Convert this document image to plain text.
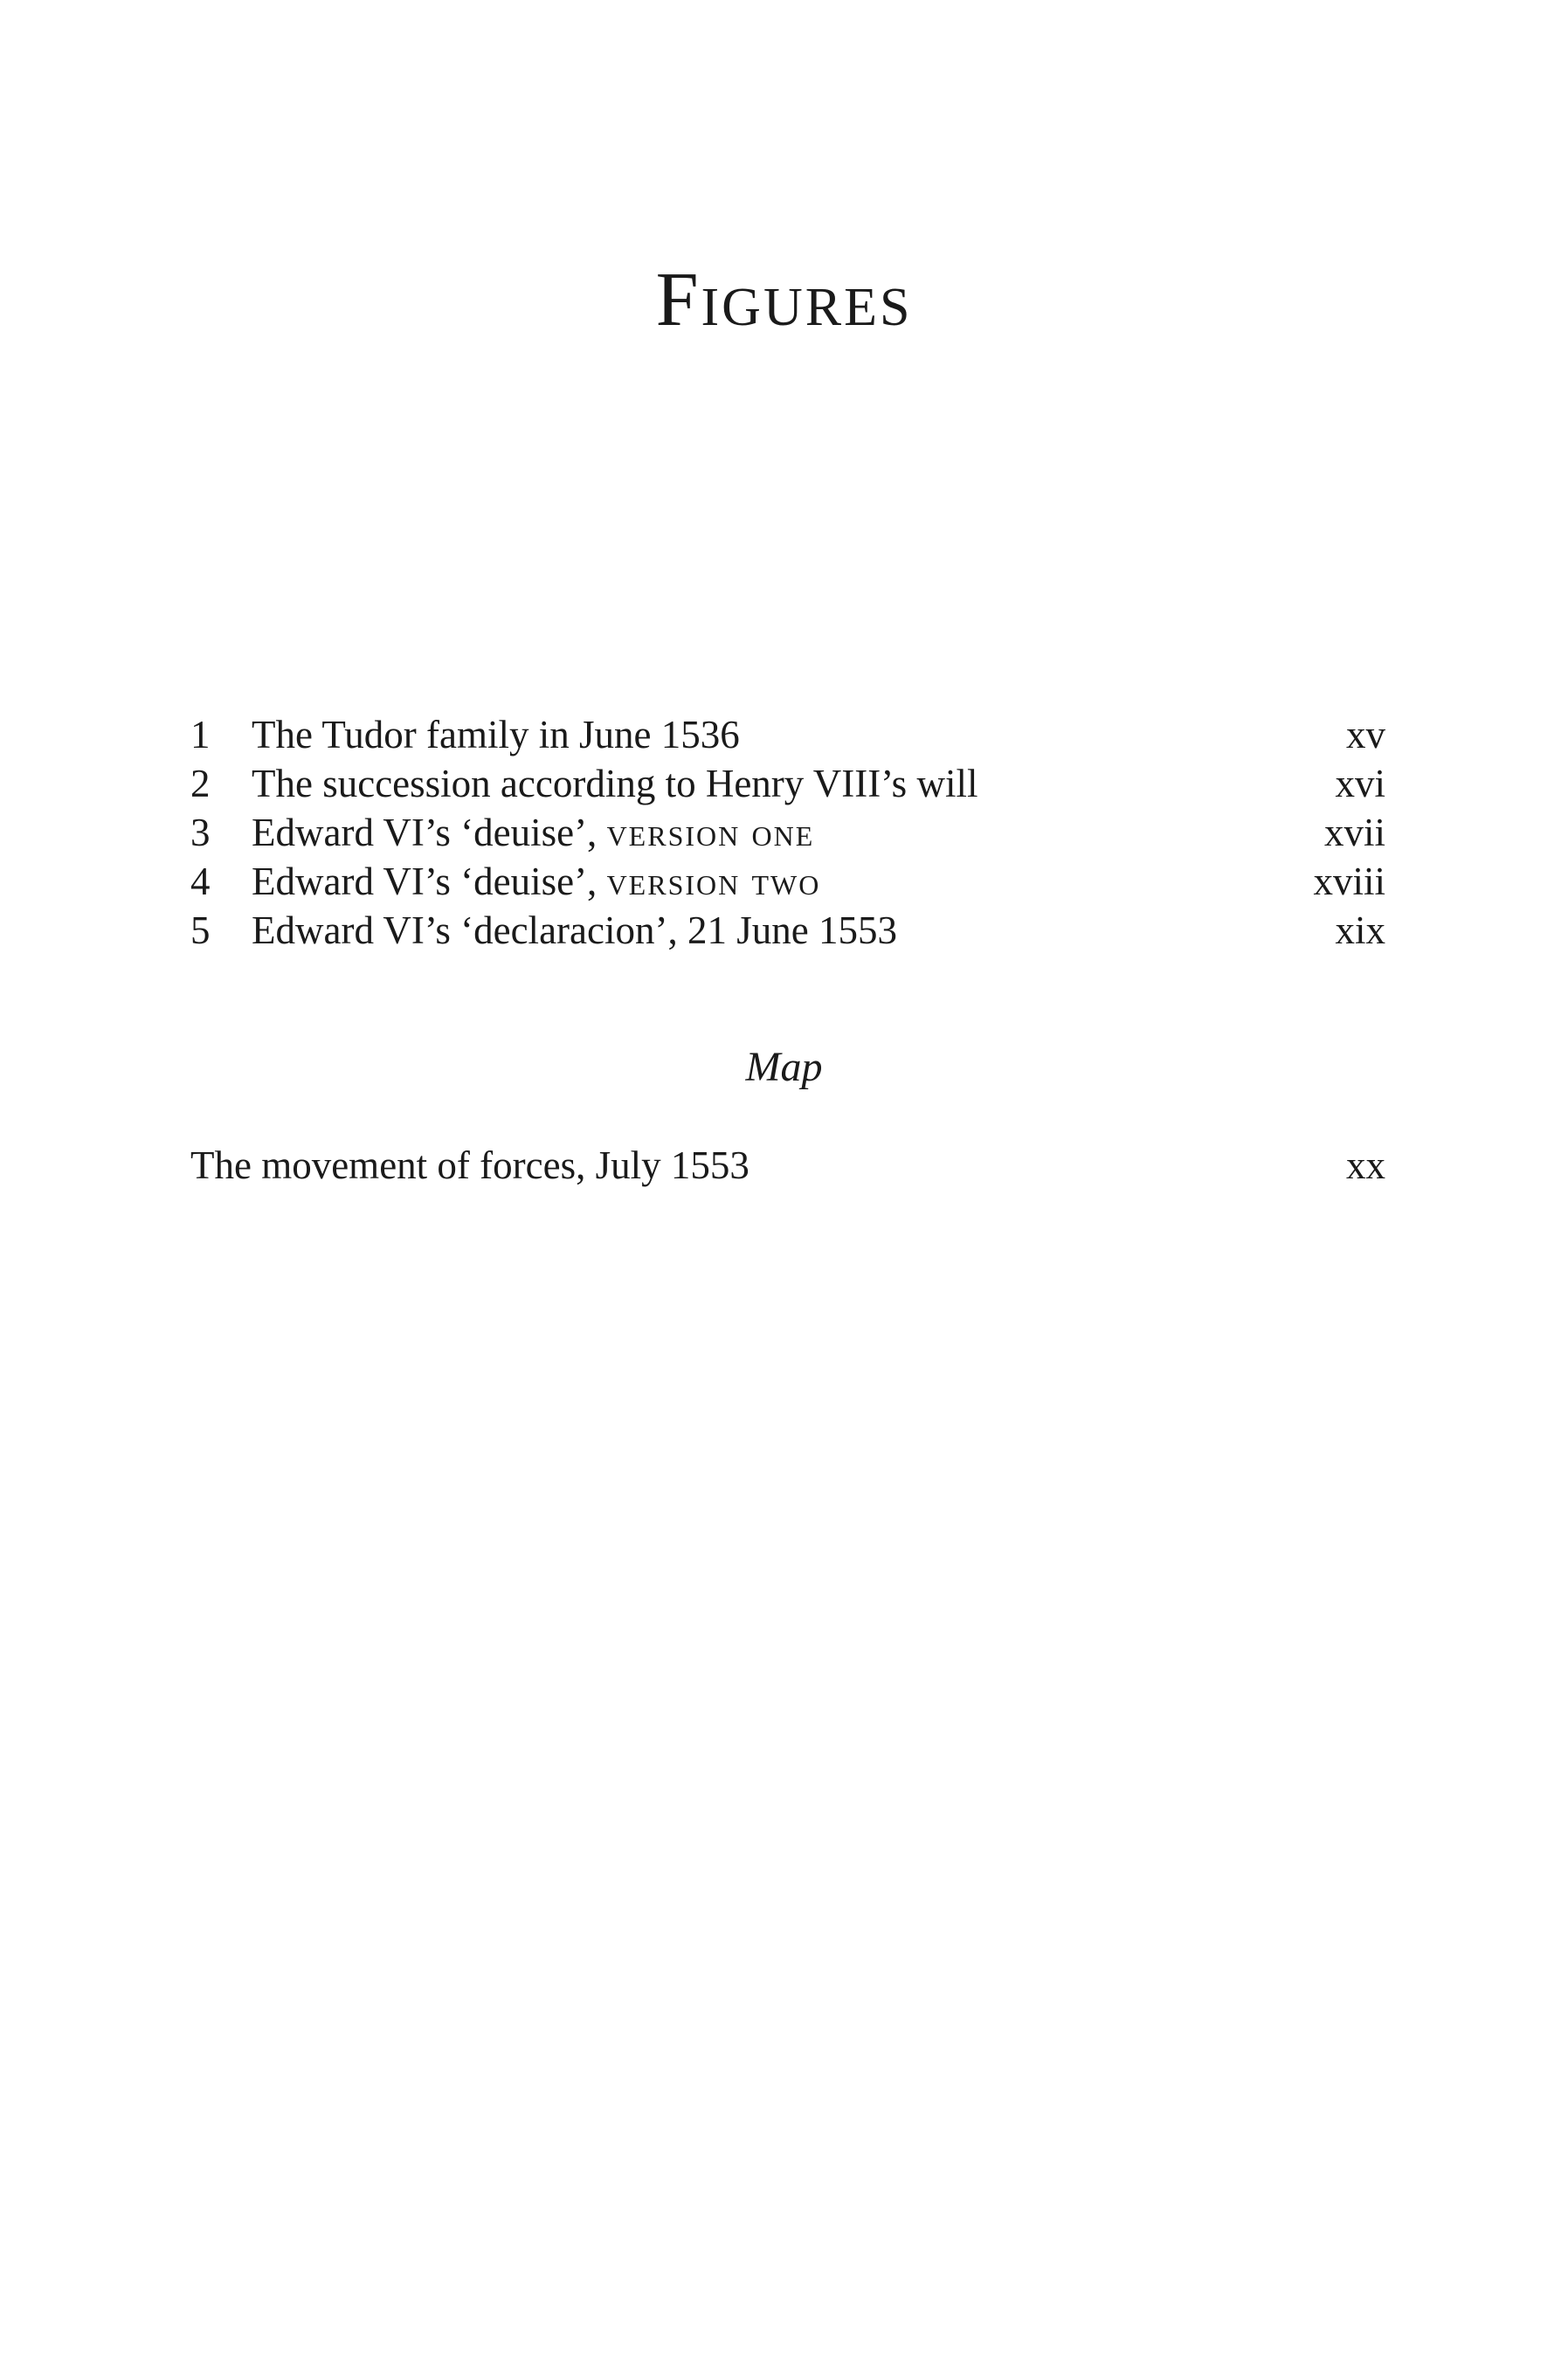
Figures
1 The Tudor family in June 1536	xv
2 The succession according to Henry VIII’s will	xvi
3 Edward VI’s ‘deuise’, version one	xvii
4 Edward VI’s ‘deuise’, version two	xviii
5 Edward VI’s ‘declaracion’, 21 June 1553	xix
Map
The movement of forces, July 1553	xx
